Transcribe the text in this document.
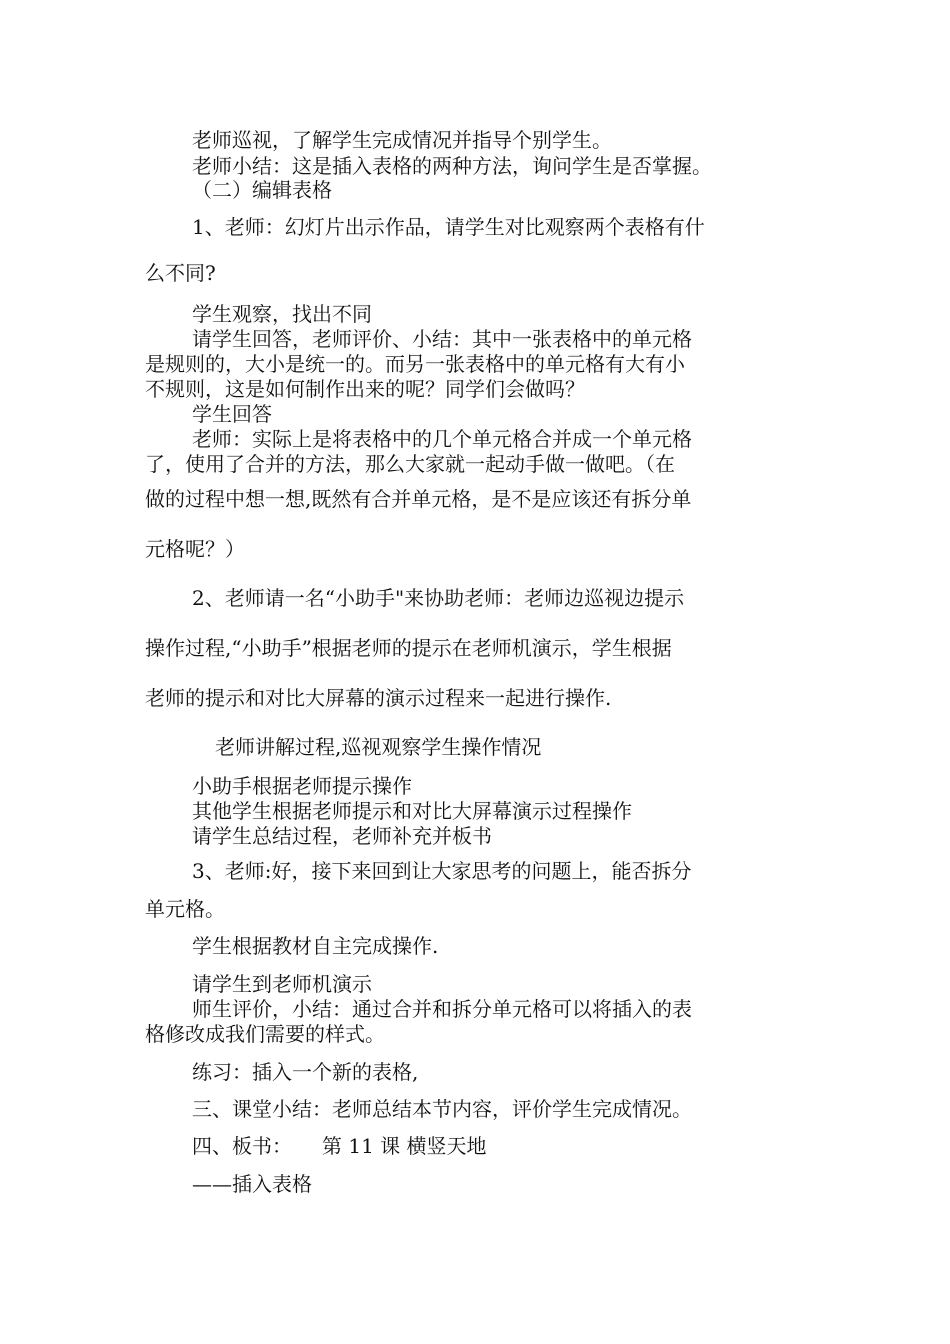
老师巡视，了解学生完成情况并指导个别学生。
老师小结：这是插入表格的两种方法，询问学生是否掌握。
（二）编辑表格
1、老师：幻灯片出示作品，请学生对比观察两个表格有什
么不同?
学生观察，找出不同
请学生回答，老师评价、小结：其中一张表格中的单元格
是规则的，大小是统一的。而另一张表格中的单元格有大有小
不规则，这是如何制作出来的呢？同学们会做吗？
学生回答
老师：实际上是将表格中的几个单元格合并成一个单元格
了，使用了合并的方法，那么大家就一起动手做一做吧。（在
做的过程中想一想,既然有合并单元格，是不是应该还有拆分单
元格呢？）
2、老师请一名“小助手"来协助老师：老师边巡视边提示
操作过程,“小助手”根据老师的提示在老师机演示，学生根据
老师的提示和对比大屏幕的演示过程来一起进行操作.
老师讲解过程,巡视观察学生操作情况
小助手根据老师提示操作
其他学生根据老师提示和对比大屏幕演示过程操作
请学生总结过程，老师补充并板书
3、老师:好，接下来回到让大家思考的问题上，能否拆分
单元格。
学生根据教材自主完成操作.
请学生到老师机演示
师生评价，小结：通过合并和拆分单元格可以将插入的表
格修改成我们需要的样式。
练习：插入一个新的表格,
三、课堂小结：老师总结本节内容，评价学生完成情况。
四、板书：　　第 11 课 横竖天地
——插入表格
